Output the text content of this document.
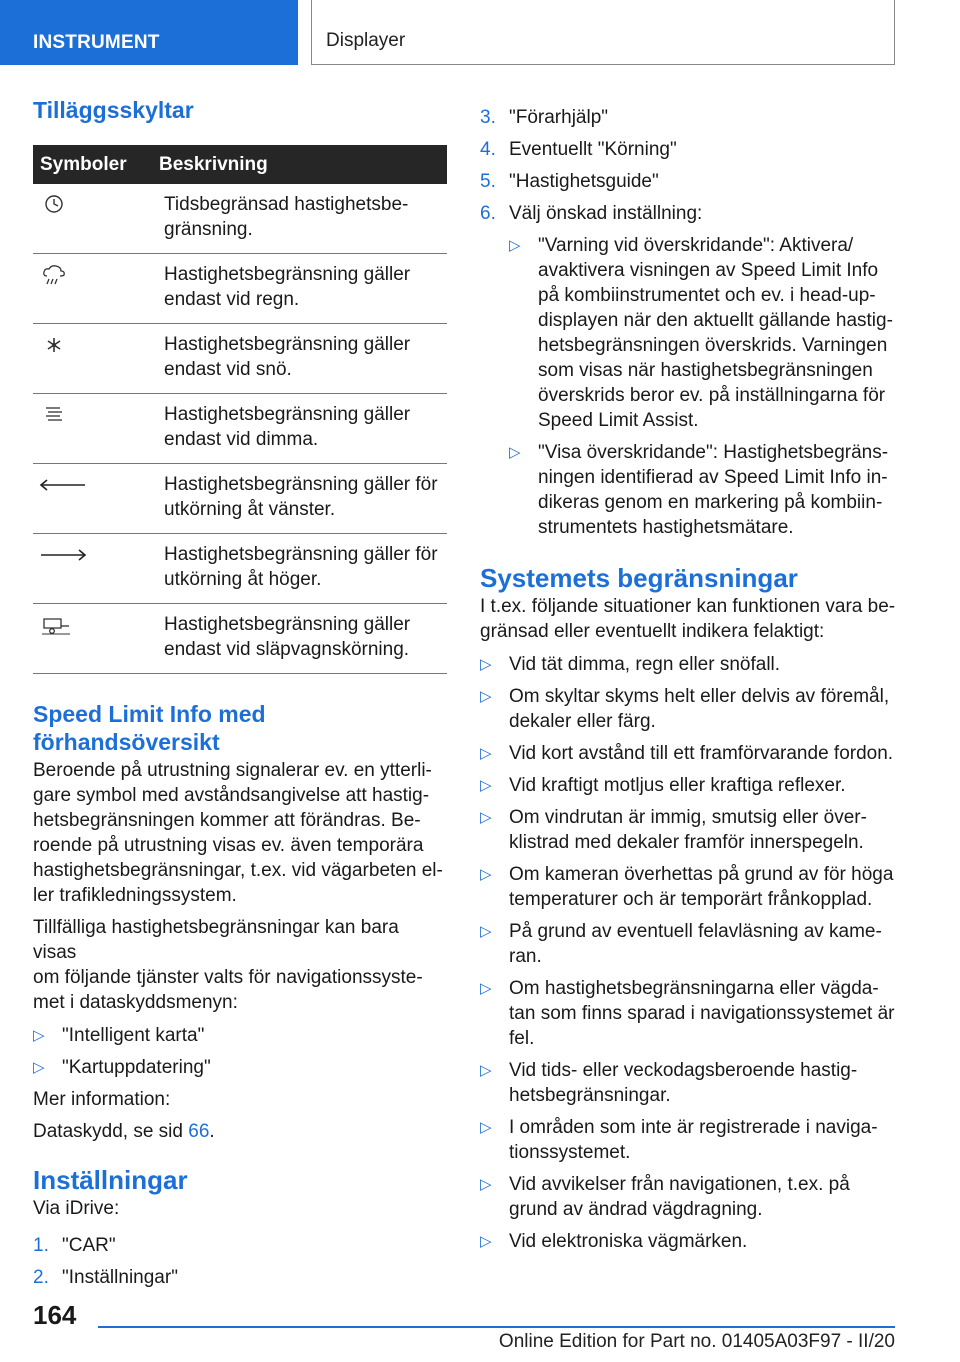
INSTRUMENT	Displayer
Tilläggsskyltar
Symboler	Beskrivning

Tidsbegränsad hastighetsbe-
gränsning.

Hastighetsbegränsning gäller
endast vid regn.

Hastighetsbegränsning gäller
endast vid snö.

Hastighetsbegränsning gäller
endast vid dimma.

Hastighetsbegränsning gäller för
utkörning åt vänster.

Hastighetsbegränsning gäller för
utkörning åt höger.

Hastighetsbegränsning gäller
endast vid släpvagnskörning.
Speed Limit Info med
förhandsöversikt

Beroende på utrustning signalerar ev. en ytterli-
gare symbol med avståndsangivelse att hastig-
hetsbegränsningen kommer att förändras. Be-
roende på utrustning visas ev. även temporära
hastighetsbegränsningar, t.ex. vid vägarbeten el-
ler trafikledningssystem.

Tillfälliga hastighetsbegränsningar kan bara visas
om följande tjänster valts för navigationssyste-
met i dataskyddsmenyn:

▷ "Intelligent karta"
▷ "Kartuppdatering"

Mer information:

Dataskydd, se sid 66.

Inställningar

Via iDrive:

1. "CAR"
2. "Inställningar"
3. "Förarhjälp"
4. Eventuellt "Körning"
5. "Hastighetsguide"
6. Välj önskad inställning:
▷ "Varning vid överskridande": Aktivera/
avaktivera visningen av Speed Limit Info
på kombiinstrumentet och ev. i head-up-
displayen när den aktuellt gällande hastig-
hetsbegränsningen överskrids. Varningen
som visas när hastighetsbegränsningen
överskrids beror ev. på inställningarna för
Speed Limit Assist.
▷ "Visa överskridande": Hastighetsbegräns-
ningen identifierad av Speed Limit Info in-
dikeras genom en markering på kombiin-
strumentets hastighetsmätare.
Systemets begränsningar

I t.ex. följande situationer kan funktionen vara be-
gränsad eller eventuellt indikera felaktigt:

▷ Vid tät dimma, regn eller snöfall.
▷ Om skyltar skyms helt eller delvis av föremål,
dekaler eller färg.
▷ Vid kort avstånd till ett framförvarande fordon.
▷ Vid kraftigt motljus eller kraftiga reflexer.
▷ Om vindrutan är immig, smutsig eller över-
klistrad med dekaler framför innerspegeln.
▷ Om kameran överhettas på grund av för höga
temperaturer och är temporärt frånkopplad.
▷ På grund av eventuell felavläsning av kame-
ran.
▷ Om hastighetsbegränsningarna eller vägda-
tan som finns sparad i navigationssystemet är
fel.
▷ Vid tids- eller veckodagsberoende hastig-
hetsbegränsningar.
▷ I områden som inte är registrerade i naviga-
tionssystemet.
▷ Vid avvikelser från navigationen, t.ex. på
grund av ändrad vägdragning.
▷ Vid elektroniska vägmärken.
164
Online Edition for Part no. 01405A03F97 - II/20
